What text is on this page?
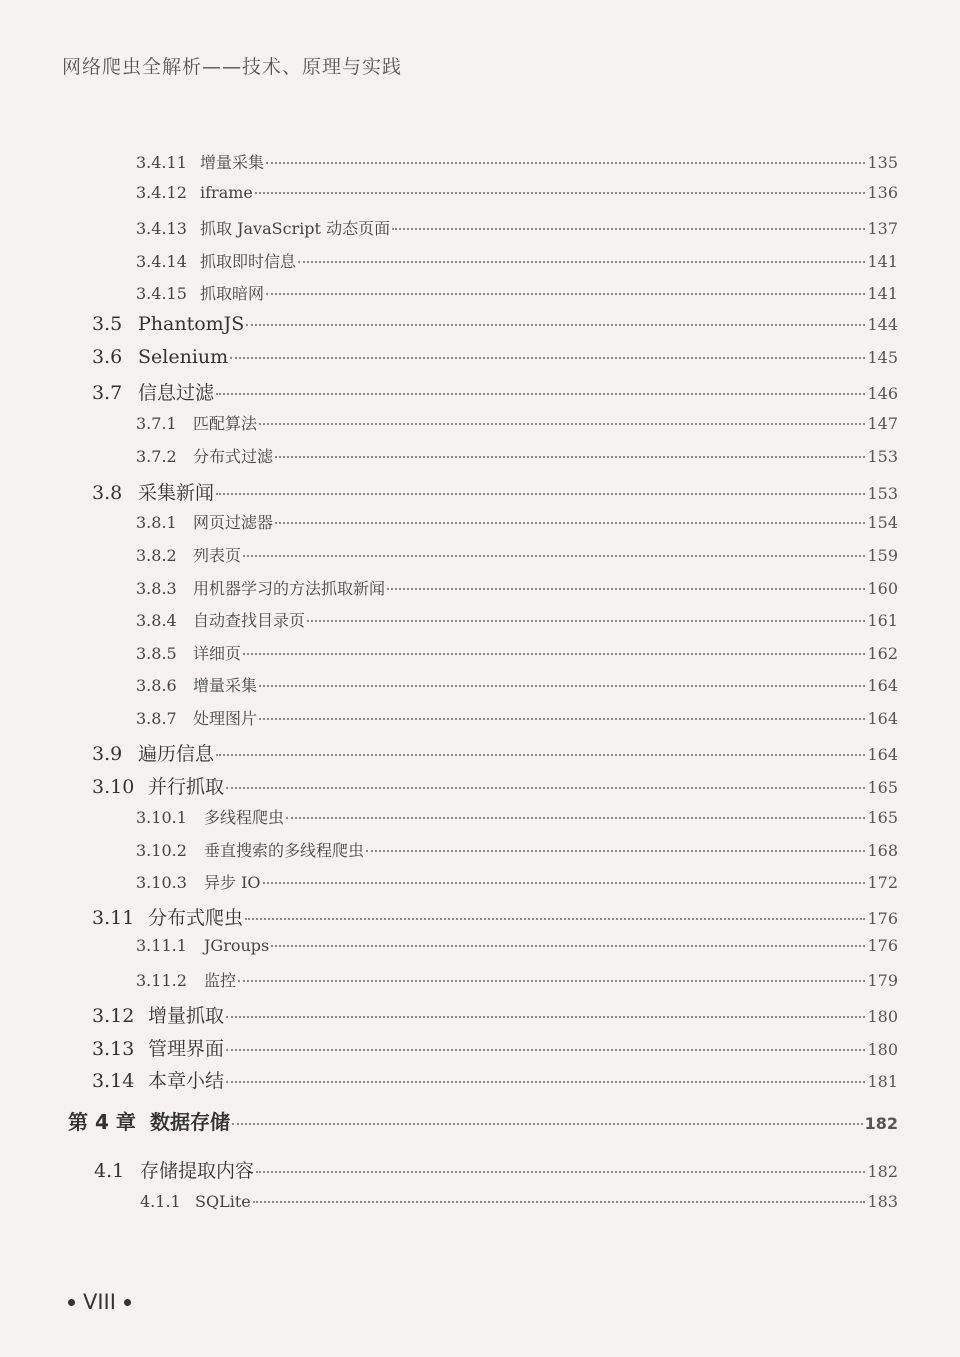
网络爬虫全解析——技术、原理与实践
3.4.11 增量采集	135
3.4.12 iframe	136
3.4.13 抓取 JavaScript 动态页面	137
3.4.14 抓取即时信息	141
3.4.15 抓取暗网	141
3.5 PhantomJS	144
3.6 Selenium	145
3.7 信息过滤	146
3.7.1	匹配算法	147
3.7.2	分布式过滤	153
3.8 采集新闻	153
3.8.1	网页过滤器	154
3.8.2	列表页	159
3.8.3	用机器学习的方法抓取新闻	160
3.8.4	自动查找目录页	161
3.8.5	详细页	162
3.8.6	增量采集	164
3.8.7	处理图片	164
3.9 遍历信息	164
3.10 并行抓取	165
3.10.1	多线程爬虫	165
3.10.2	垂直搜索的多线程爬虫	168
3.10.3	异步 IO	172
3.11 分布式爬虫	176
3.11.1	JGroups	176
3.11.2	监控	179
3.12 增量抓取	180
3.13 管理界面	180
3.14 本章小结	181
第 4 章 数据存储	182
4.1 存储提取内容	182
4.1.1 SQLite	183
VIII
